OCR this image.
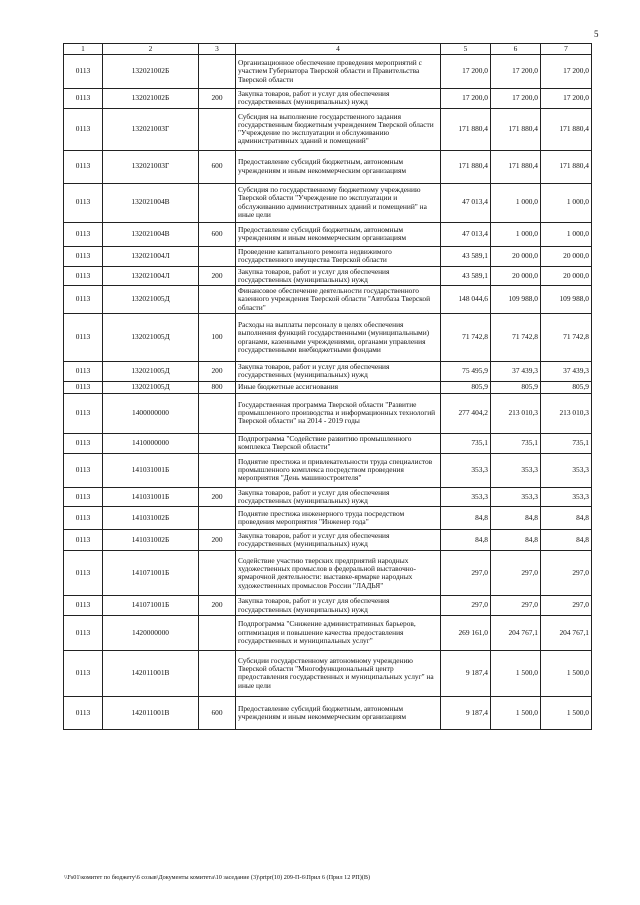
5
1	2	3	4	5	6	7
0113	132021002Б		Организационное обеспечение проведения мероприятий с участием Губернатора Тверской области и Правительства Тверской области	17 200,0	17 200,0	17 200,0
0113	132021002Б	200	Закупка товаров, работ и услуг для обеспечения государственных (муниципальных) нужд	17 200,0	17 200,0	17 200,0
0113	132021003Г		Субсидия на выполнение государственного задания государственным бюджетным учреждением Тверской области "Учреждение по эксплуатации и обслуживанию административных зданий и помещений"	171 880,4	171 880,4	171 880,4
0113	132021003Г	600	Предоставление субсидий бюджетным, автономным учреждениям и иным некоммерческим организациям	171 880,4	171 880,4	171 880,4
0113	132021004В		Субсидия по государственному бюджетному учреждению Тверской области "Учреждение по эксплуатации и обслуживанию административных зданий и помещений" на иные цели	47 013,4	1 000,0	1 000,0
0113	132021004В	600	Предоставление субсидий бюджетным, автономным учреждениям и иным некоммерческим организациям	47 013,4	1 000,0	1 000,0
0113	132021004Л		Проведение капитального ремонта недвижимого государственного имущества Тверской области	43 589,1	20 000,0	20 000,0
0113	132021004Л	200	Закупка товаров, работ и услуг для обеспечения государственных (муниципальных) нужд	43 589,1	20 000,0	20 000,0
0113	132021005Д		Финансовое обеспечение деятельности государственного казенного учреждения Тверской области "Автобаза Тверской области"	148 044,6	109 988,0	109 988,0
0113	132021005Д	100	Расходы на выплаты персоналу в целях обеспечения выполнения функций государственными (муниципальными) органами, казенными учреждениями, органами управления государственными внебюджетными фондами	71 742,8	71 742,8	71 742,8
0113	132021005Д	200	Закупка товаров, работ и услуг для обеспечения государственных (муниципальных) нужд	75 495,9	37 439,3	37 439,3
0113	132021005Д	800	Иные бюджетные ассигнования	805,9	805,9	805,9
0113	1400000000		Государственная программа Тверской области "Развитие промышленного производства и информационных технологий Тверской области" на 2014 - 2019 годы	277 404,2	213 010,3	213 010,3
0113	1410000000		Подпрограмма "Содействие развитию промышленного комплекса Тверской области"	735,1	735,1	735,1
0113	141031001Б		Поднятие престижа и привлекательности труда специалистов промышленного комплекса посредством проведения мероприятия "День машиностроителя"	353,3	353,3	353,3
0113	141031001Б	200	Закупка товаров, работ и услуг для обеспечения государственных (муниципальных) нужд	353,3	353,3	353,3
0113	141031002Б		Поднятие престижа инженерного труда посредством проведения мероприятия "Инженер года"	84,8	84,8	84,8
0113	141031002Б	200	Закупка товаров, работ и услуг для обеспечения государственных (муниципальных) нужд	84,8	84,8	84,8
0113	141071001Б		Содействие участию тверских предприятий народных художественных промыслов в федеральной выставочно-ярмарочной деятельности: выставке-ярмарке народных художественных промыслов России "ЛАДЬЯ"	297,0	297,0	297,0
0113	141071001Б	200	Закупка товаров, работ и услуг для обеспечения государственных (муниципальных) нужд	297,0	297,0	297,0
0113	1420000000		Подпрограмма "Снижение административных барьеров, оптимизация и повышение качества предоставления государственных и муниципальных услуг"	269 161,0	204 767,1	204 767,1
0113	142011001В		Субсидии государственному автономному учреждению Тверской области "Многофункциональный центр предоставления государственных и муниципальных услуг" на иные цели	9 187,4	1 500,0	1 500,0
0113	142011001В	600	Предоставление субсидий бюджетным, автономным учреждениям и иным некоммерческим организациям	9 187,4	1 500,0	1 500,0
\\Fs01\комитет по бюджету\6 созыв\Документы комитета\10 заседание (3)\prtpr(10) 209-П-6\Прил 6 (Прил 12 РП)(В)
